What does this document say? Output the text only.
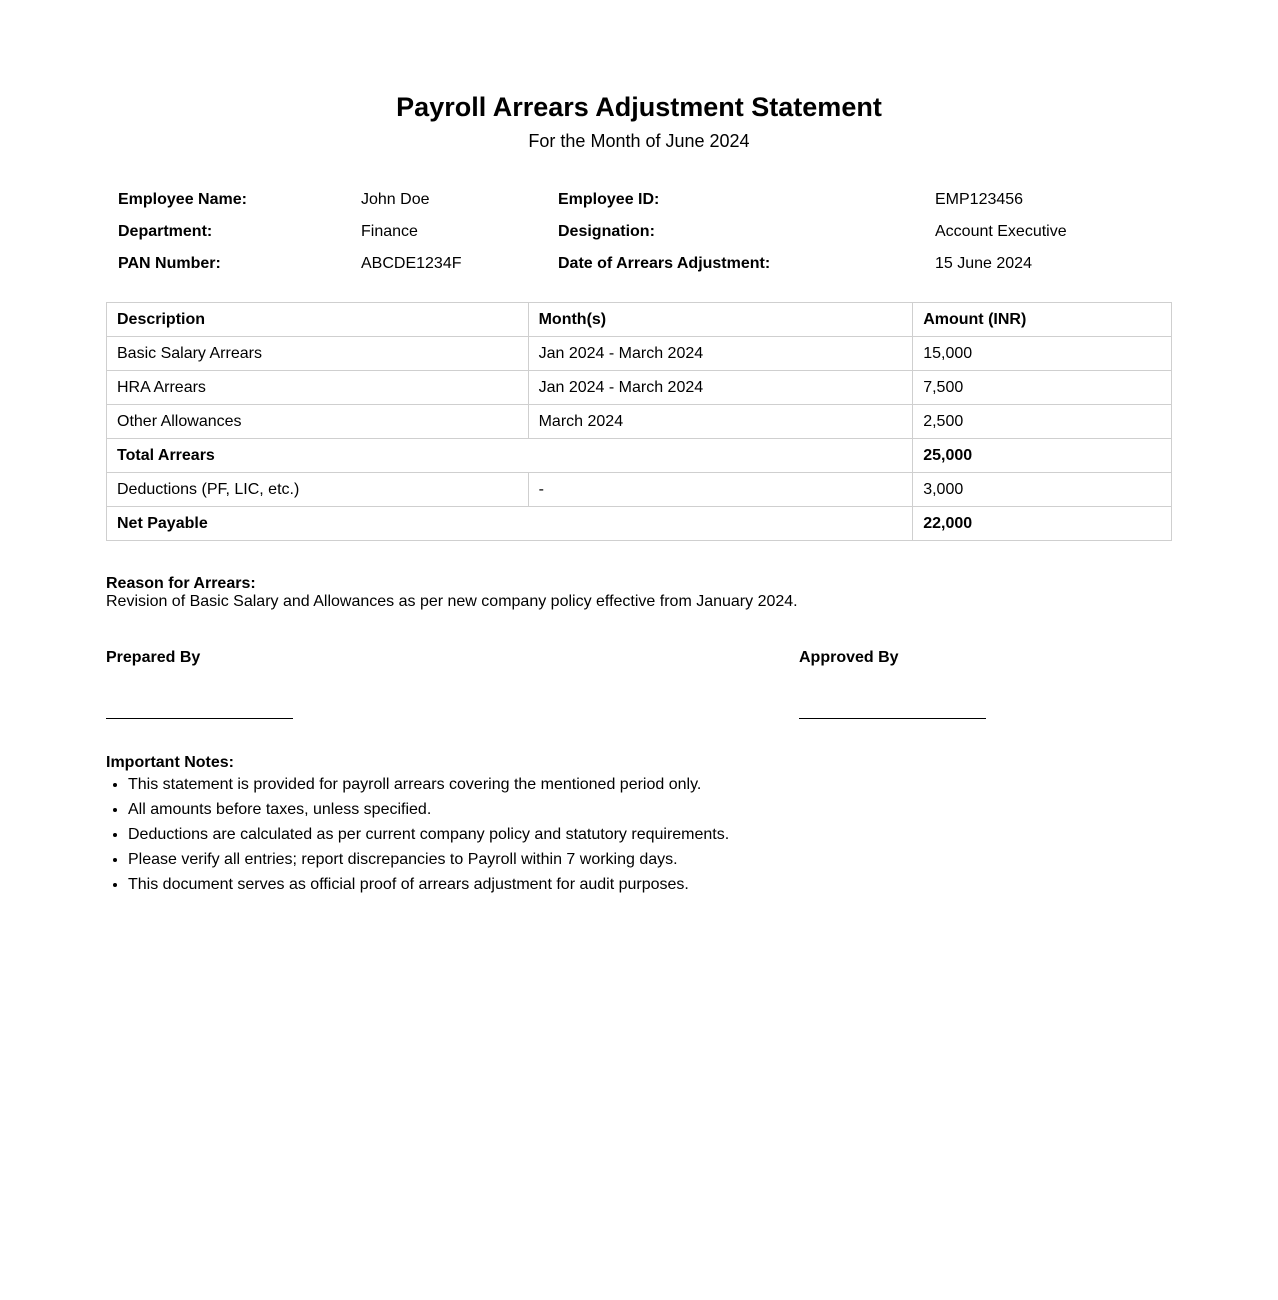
Payroll Arrears Adjustment Statement
For the Month of June 2024
Employee Name:	John Doe	Employee ID:	EMP123456
Department:	Finance	Designation:	Account Executive
PAN Number:	ABCDE1234F	Date of Arrears Adjustment:	15 June 2024
Description	Month(s)	Amount (INR)
Basic Salary Arrears	Jan 2024 - March 2024	15,000
HRA Arrears	Jan 2024 - March 2024	7,500
Other Allowances	March 2024	2,500
Total Arrears		25,000
Deductions (PF, LIC, etc.)	-	3,000
Net Payable		22,000
Reason for Arrears:
Revision of Basic Salary and Allowances as per new company policy effective from January 2024.
Prepared By	Approved By
Important Notes:
• This statement is provided for payroll arrears covering the mentioned period only.
• All amounts before taxes, unless specified.
• Deductions are calculated as per current company policy and statutory requirements.
• Please verify all entries; report discrepancies to Payroll within 7 working days.
• This document serves as official proof of arrears adjustment for audit purposes.
